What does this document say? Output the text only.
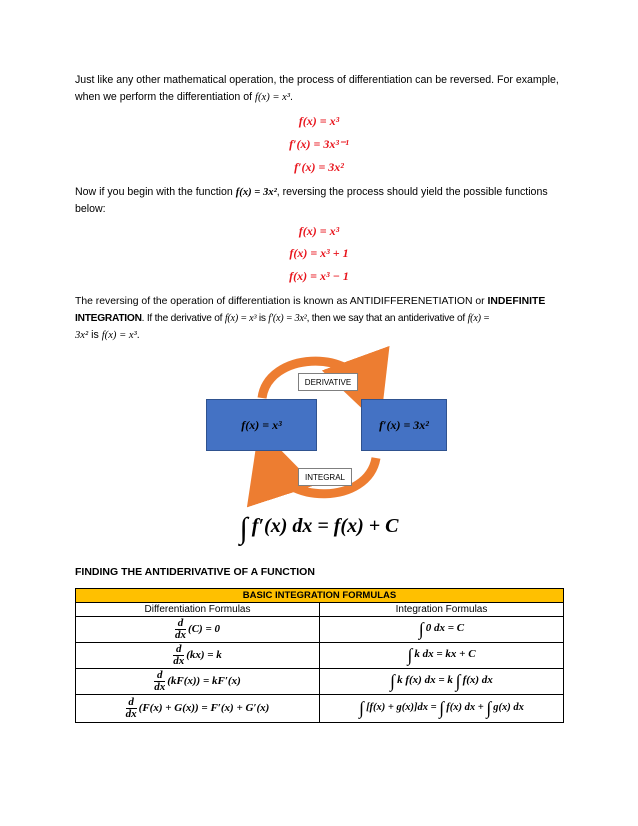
Just like any other mathematical operation, the process of differentiation can be reversed. For example,
when we perform the differentiation of f(x) = x³.
f(x) = x³
f′(x) = 3x³⁻¹
f′(x) = 3x²
Now if you begin with the function f(x) = 3x², reversing the process should yield the possible functions
below:
f(x) = x³
f(x) = x³ + 1
f(x) = x³ − 1
The reversing of the operation of differentiation is known as ANTIDIFFERENETIATION or INDEFINITE
INTEGRATION. If the derivative of f(x) = x³ is f′(x) = 3x², then we say that an antiderivative of f(x) =
3x² is f(x) = x³.
f(x) = x³	f′(x) = 3x²
DERIVATIVE
INTEGRAL
∫ f′(x) dx = f(x) + C
FINDING THE ANTIDERIVATIVE OF A FUNCTION
BASIC INTEGRATION FORMULAS	
Differentiation Formulas	Integration Formulas

$\frac{d}{dx} (C) = 0$	∫ 0 dx = C

$\frac{d}{dx} (kx) = k$	∫ k dx = kx + C

$\frac{d}{dx} (kF(x)) = kF'(x)$	∫ k f(x) dx = k ∫ f(x) dx

$\frac{d}{dx} (F(x) + G(x)) = F'(x) + G'(x)$	∫ [f(x) + g(x)]dx = ∫ f(x) dx + ∫ g(x) dx
